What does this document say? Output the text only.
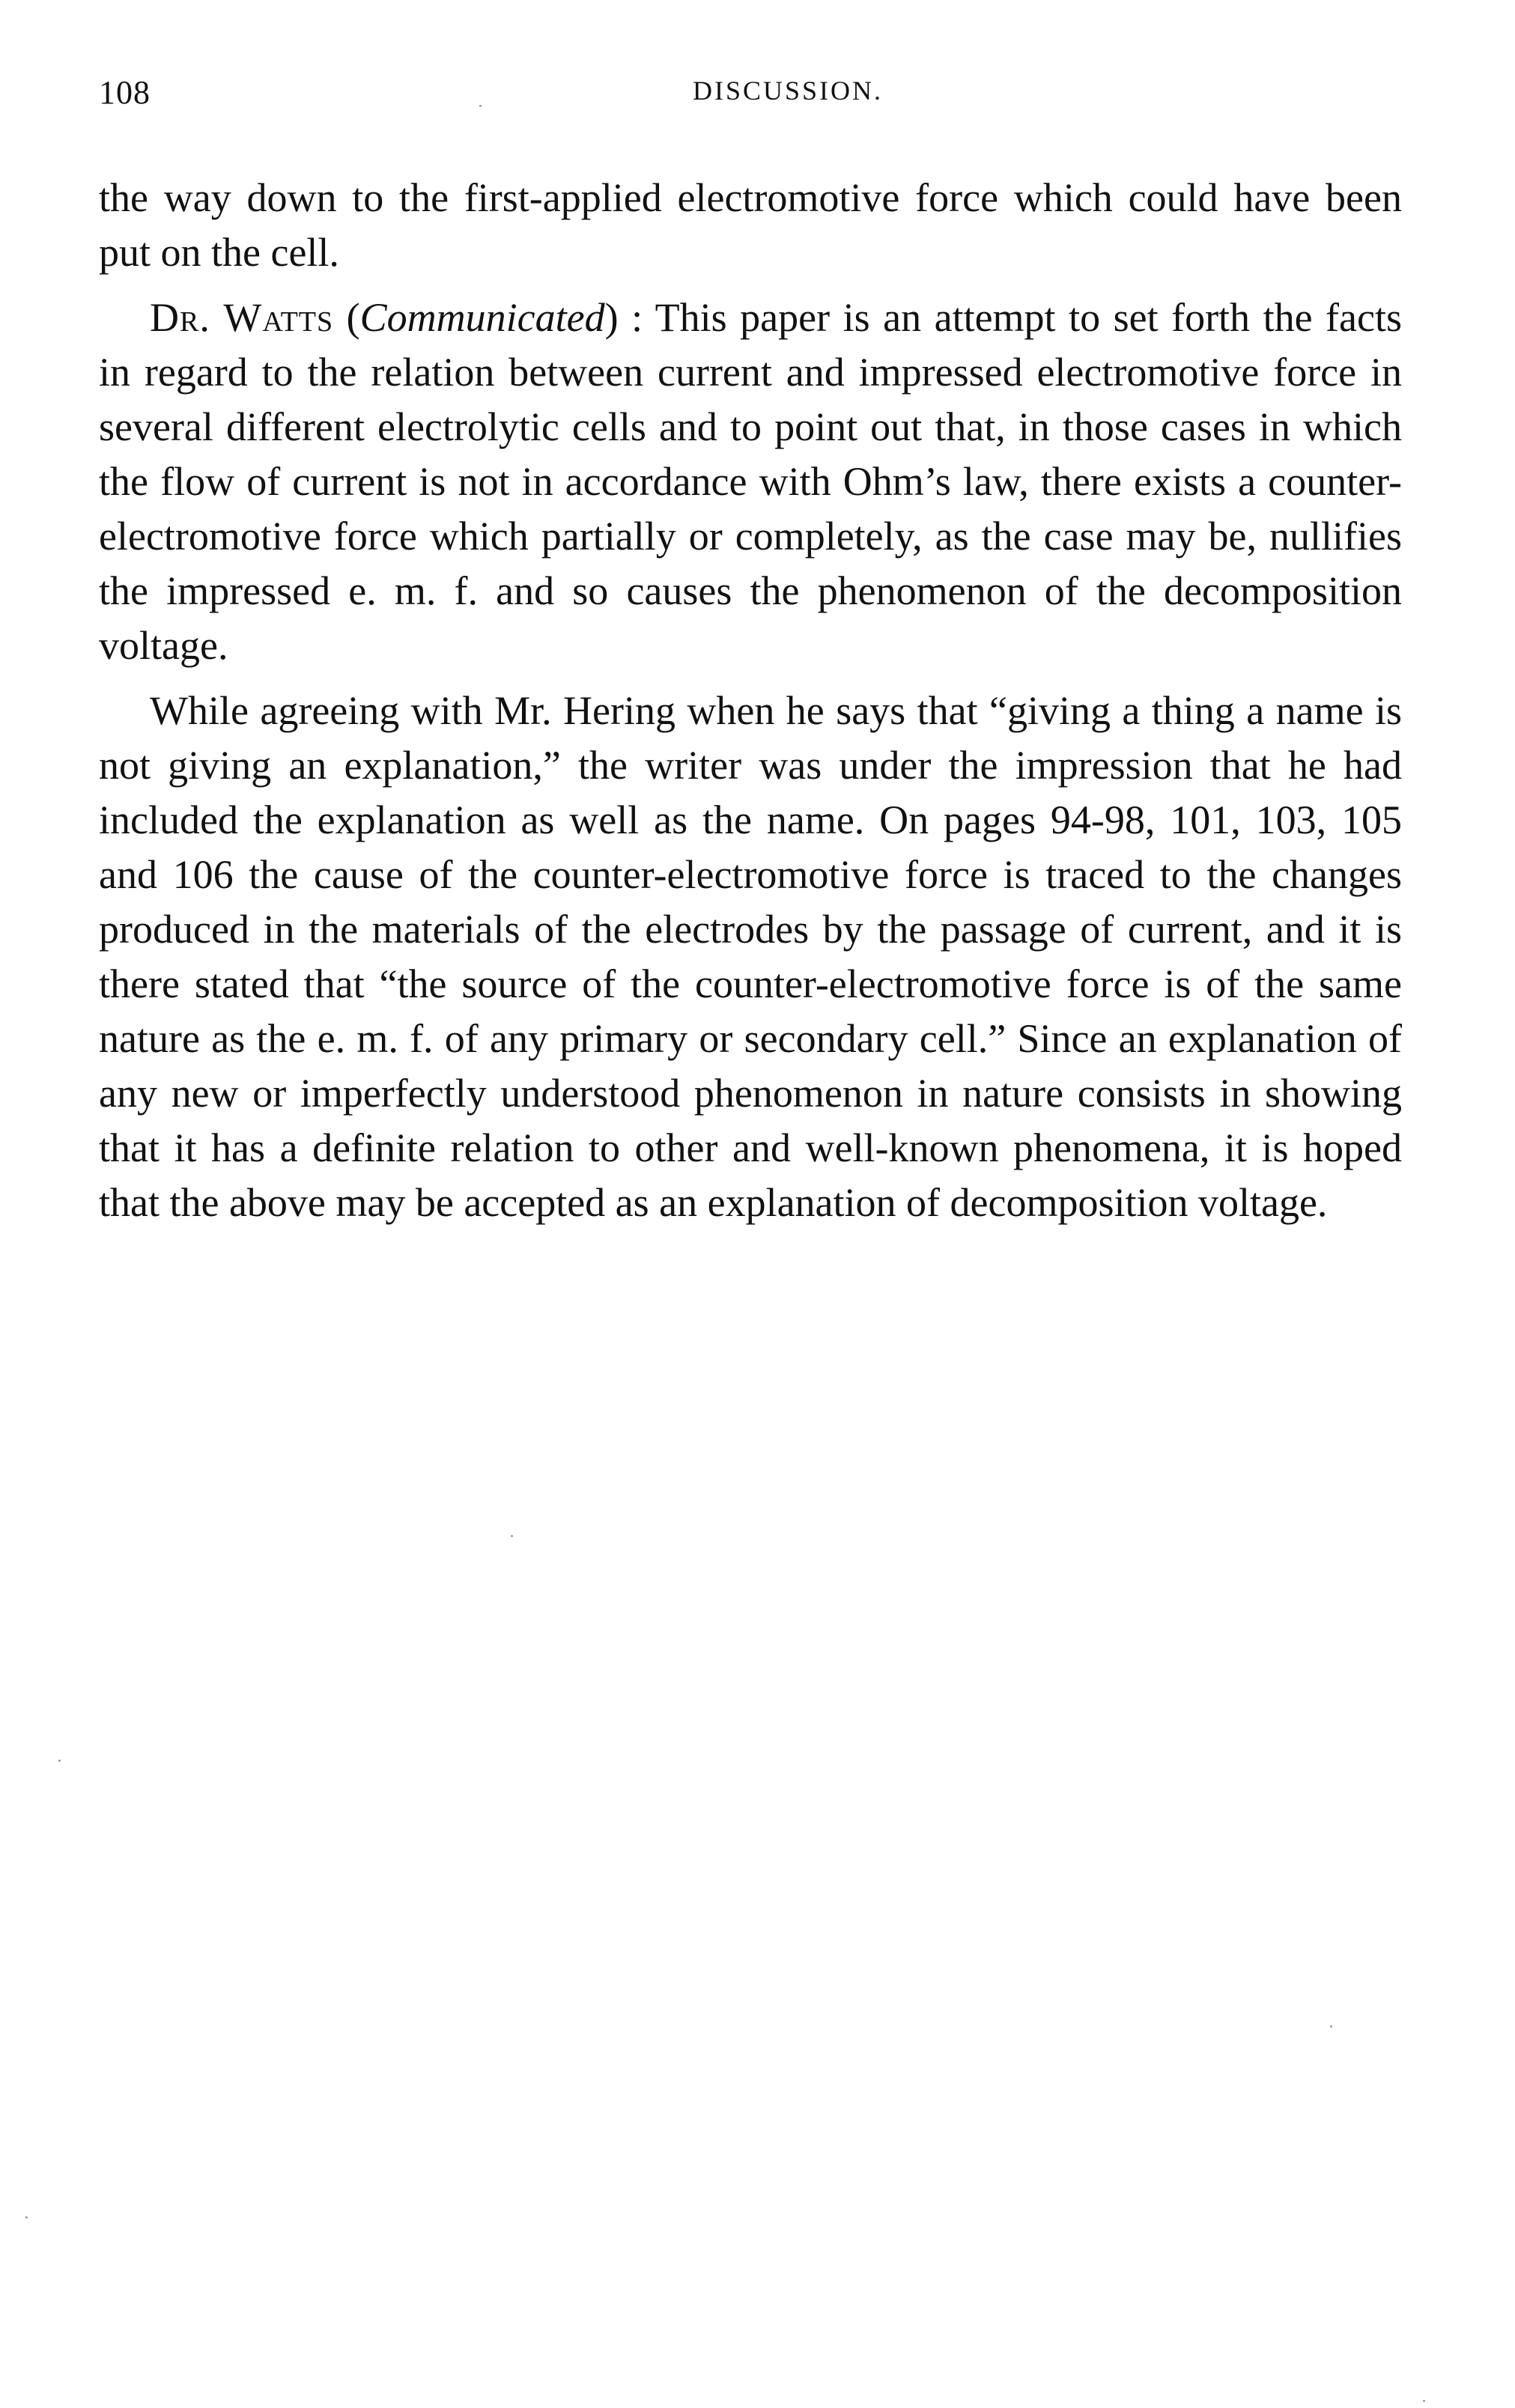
108	DISCUSSION.

the way down to the first-applied electromotive force which could have been put on the cell.

Dr. Watts (Communicated) : This paper is an attempt to set forth the facts in regard to the relation between current and impressed electromotive force in several different electrolytic cells and to point out that, in those cases in which the flow of current is not in accordance with Ohm’s law, there exists a counter-electromotive force which partially or completely, as the case may be, nullifies the impressed e. m. f. and so causes the phenomenon of the decomposition voltage.

While agreeing with Mr. Hering when he says that “giving a thing a name is not giving an explanation,” the writer was under the impression that he had included the explanation as well as the name. On pages 94-98, 101, 103, 105 and 106 the cause of the counter-electromotive force is traced to the changes produced in the materials of the electrodes by the passage of current, and it is there stated that “the source of the counter-electromotive force is of the same nature as the e. m. f. of any primary or secondary cell.” Since an explanation of any new or imperfectly understood phenomenon in nature consists in showing that it has a definite relation to other and well-known phenomena, it is hoped that the above may be accepted as an explanation of decomposition voltage.
